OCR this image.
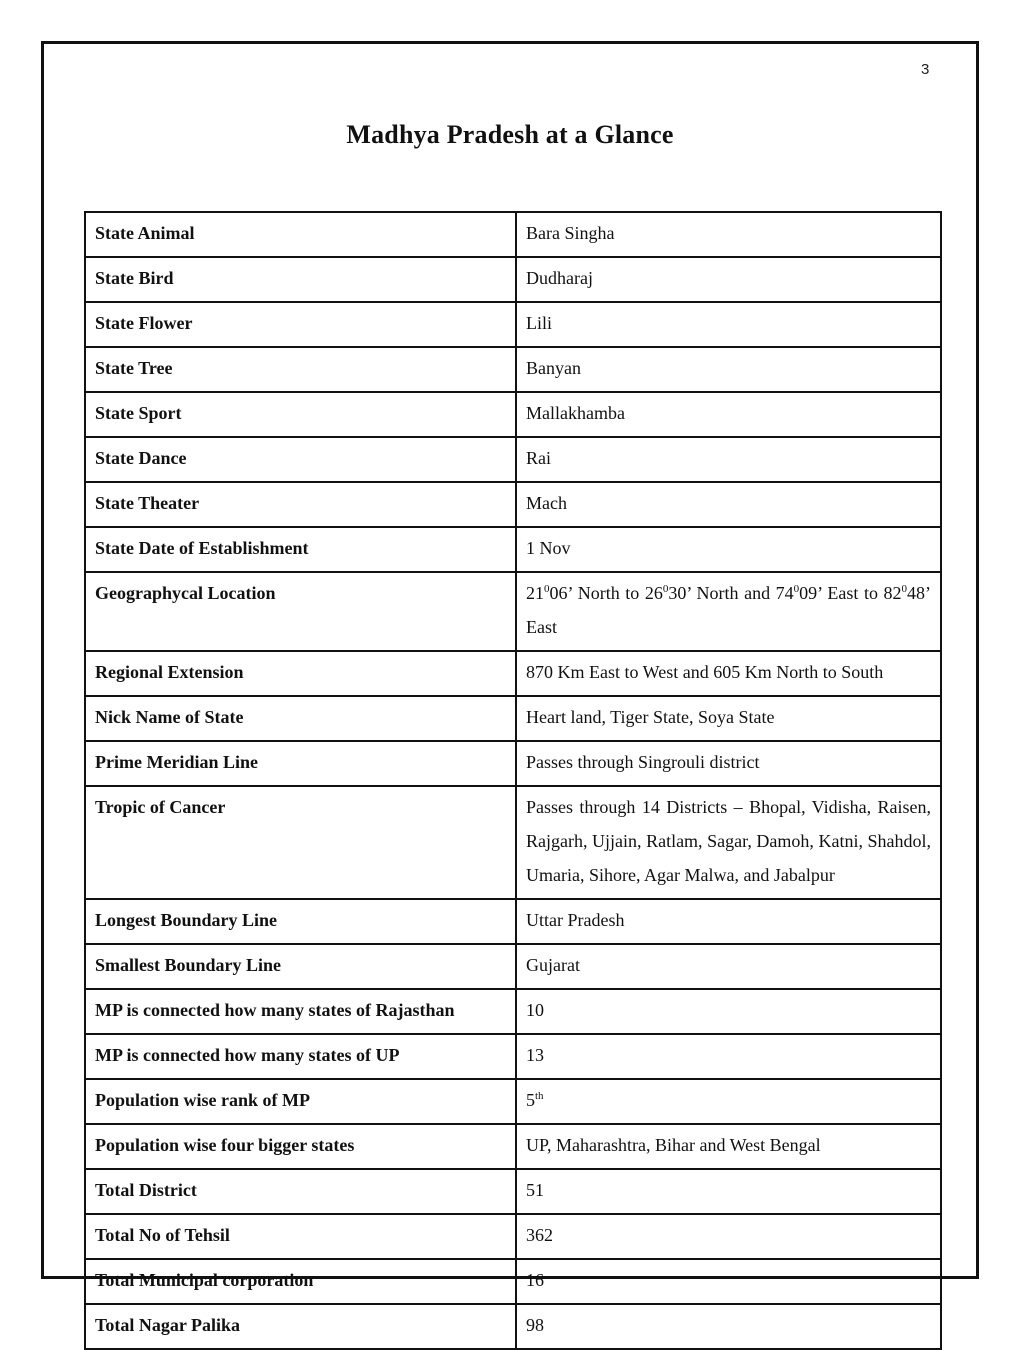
3
Madhya Pradesh at a Glance
State Animal	Bara Singha
State Bird	Dudharaj
State Flower	Lili
State Tree	Banyan
State Sport	Mallakhamba
State Dance	Rai
State Theater	Mach
State Date of Establishment	1 Nov
Geographycal Location	$21^006$’ North to $26^030$’ North and $74^009$’ East to $82^048$’ East
Regional Extension	870 Km East to West and 605 Km North to South
Nick Name of State	Heart land, Tiger State, Soya State
Prime Meridian Line	Passes through Singrouli district
Tropic of Cancer	Passes through 14 Districts – Bhopal, Vidisha, Raisen, Rajgarh, Ujjain, Ratlam, Sagar, Damoh, Katni, Shahdol, Umaria, Sihore, Agar Malwa, and Jabalpur
Longest Boundary Line	Uttar Pradesh
Smallest Boundary Line	Gujarat
MP is connected how many states of Rajasthan	10
MP is connected how many states of UP	13
Population wise rank of MP	5th
Population wise four bigger states	UP, Maharashtra, Bihar and West Bengal
Total District	51
Total No of Tehsil	362
Total Municipal corporation	16
Total Nagar Palika	98
